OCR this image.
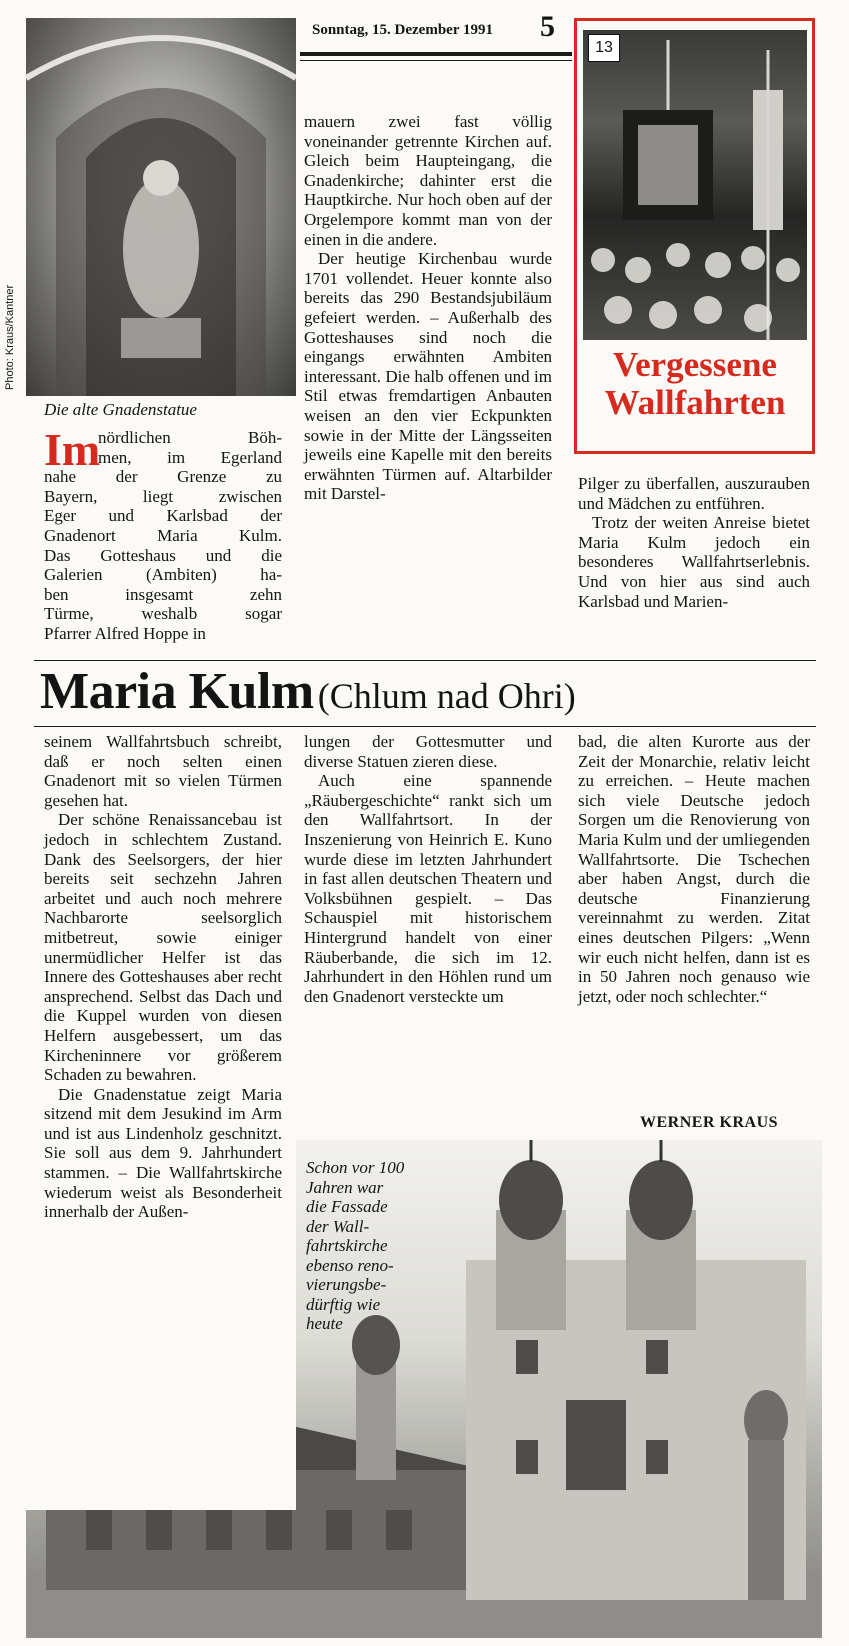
Sonntag, 15. Dezember 1991 5
Photo: Kraus/Kantner
Die alte Gnadenstatue
13
Vergessene
Wallfahrten
Im
nördlichen Böh-
men, im Egerland
nahe der Grenze zu
Bayern, liegt zwischen
Eger und Karlsbad der
Gnadenort Maria Kulm.
Das Gotteshaus und die
Galerien (Ambiten) ha-
ben insgesamt zehn
Türme, weshalb sogar
Pfarrer Alfred Hoppe in

mauern zwei fast völlig voneinander getrennte Kirchen auf. Gleich beim Haupteingang, die Gnadenkirche; dahinter erst die Hauptkirche. Nur hoch oben auf der Orgelempore kommt man von der einen in die andere.

Der heutige Kirchenbau wurde 1701 vollendet. Heuer konnte also bereits das 290 Bestandsjubiläum gefeiert werden. – Außerhalb des Gotteshauses sind noch die eingangs erwähnten Ambiten interessant. Die halb offenen und im Stil etwas fremdartigen Anbauten weisen an den vier Eckpunkten sowie in der Mitte der Längsseiten jeweils eine Kapelle mit den bereits erwähnten Türmen auf. Altarbilder mit Darstel-

Pilger zu überfallen, auszurauben und Mädchen zu entführen.

Trotz der weiten Anreise bietet Maria Kulm jedoch ein besonderes Wallfahrtserlebnis. Und von hier aus sind auch Karlsbad und Marien-

Maria Kulm (Chlum nad Ohri)

seinem Wallfahrtsbuch schreibt, daß er noch selten einen Gnadenort mit so vielen Türmen gesehen hat.

Der schöne Renaissancebau ist jedoch in schlechtem Zustand. Dank des Seelsorgers, der hier bereits seit sechzehn Jahren arbeitet und auch noch mehrere Nachbarorte seelsorglich mitbetreut, sowie einiger unermüdlicher Helfer ist das Innere des Gotteshauses aber recht ansprechend. Selbst das Dach und die Kuppel wurden von diesen Helfern ausgebessert, um das Kircheninnere vor größerem Schaden zu bewahren.

Die Gnadenstatue zeigt Maria sitzend mit dem Jesukind im Arm und ist aus Lindenholz geschnitzt. Sie soll aus dem 9. Jahrhundert stammen. – Die Wallfahrtskirche wiederum weist als Besonderheit innerhalb der Außen-

lungen der Gottesmutter und diverse Statuen zieren diese.

Auch eine spannende „Räubergeschichte“ rankt sich um den Wallfahrtsort. In der Inszenierung von Heinrich E. Kuno wurde diese im letzten Jahrhundert in fast allen deutschen Theatern und Volksbühnen gespielt. – Das Schauspiel mit historischem Hintergrund handelt von einer Räuberbande, die sich im 12. Jahrhundert in den Höhlen rund um den Gnadenort versteckte um

bad, die alten Kurorte aus der Zeit der Monarchie, relativ leicht zu erreichen. – Heute machen sich viele Deutsche jedoch Sorgen um die Renovierung von Maria Kulm und der umliegenden Wallfahrtsorte. Die Tschechen aber haben Angst, durch die deutsche Finanzierung vereinnahmt zu werden. Zitat eines deutschen Pilgers: „Wenn wir euch nicht helfen, dann ist es in 50 Jahren noch genauso wie jetzt, oder noch schlechter.“

WERNER KRAUS
Schon vor 100
Jahren war
die Fassade
der Wall-
fahrtskirche
ebenso reno-
vierungsbe-
dürftig wie
heute
